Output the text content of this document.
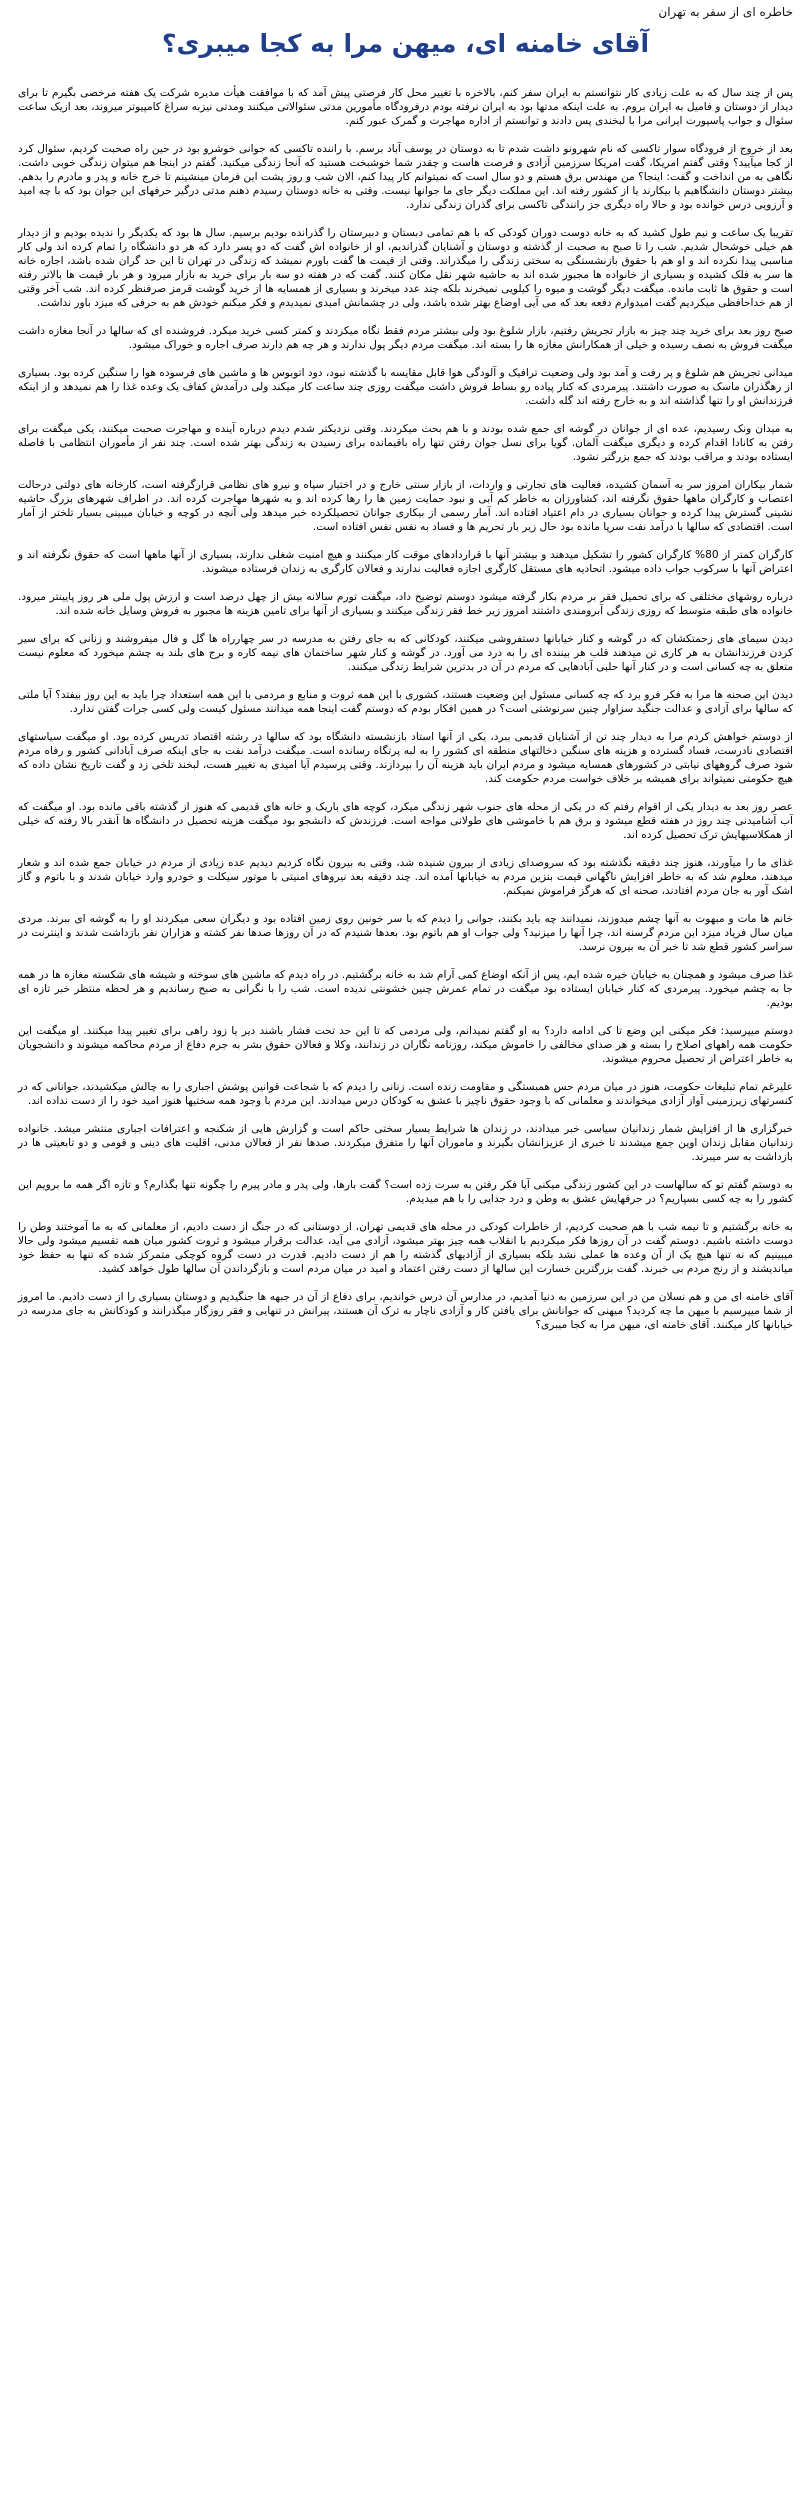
خاطره ای از سفر به تهران
آقای خامنه ای، میهن مرا به کجا میبری؟

پس از چند سال که به علت زیادی کار نتوانستم به ایران سفر کنم، بالاخره با تغییر محل کار فرصتی پیش آمد که با موافقت هیأت مدیره شرکت یک هفته مرخصی بگیرم تا برای دیدار از دوستان و فامیل به ایران بروم. به علت اینکه مدتها بود به ایران نرفته بودم درفرودگاه مأمورین مدتی سئوالاتی میکنند ومدتی نیزبه سراغ کامپیوتر میروند، بعد ازیک ساعت سئوال و جواب پاسپورت ایرانی مرا با لبخندی پس دادند و توانستم از اداره مهاجرت و گمرک عبور کنم.

بعد از خروج از فرودگاه سوار تاکسی که نام شهرونو داشت شدم تا به دوستان در یوسف آباد برسم. با راننده تاکسی که جوانی خوشرو بود در حین راه صحبت کردیم، سئوال کرد از کجا میآیید؟ وقتی گفتم امریکا، گفت امریکا سرزمین آزادی و فرصت هاست و چقدر شما خوشبخت هستید که آنجا زندگی میکنید. گفتم در اینجا هم میتوان زندگی خوبی داشت. نگاهی به من انداخت و گفت: اینجا؟ من مهندس برق هستم و دو سال است که نمیتوانم کار پیدا کنم، الان شب و روز پشت این فرمان مینشینم تا خرج خانه و پدر و مادرم را بدهم. بیشتر دوستان دانشگاهیم یا بیکارند یا از کشور رفته اند. این مملکت دیگر جای ما جوانها نیست. وقتی به خانه دوستان رسیدم ذهنم مدتی درگیر حرفهای این جوان بود که با چه امید و آرزویی درس خوانده بود و حالا راه دیگری جز رانندگی تاکسی برای گذران زندگی ندارد.

تقریبا یک ساعت و نیم طول کشید که به خانه دوست دوران کودکی که با هم تمامی دبستان و دبیرستان را گذرانده بودیم برسیم. سال ها بود که یکدیگر را ندیده بودیم و از دیدار هم خیلی خوشحال شدیم. شب را تا صبح به صحبت از گذشته و دوستان و آشنایان گذراندیم، او از خانواده اش گفت که دو پسر دارد که هر دو دانشگاه را تمام کرده اند ولی کار مناسبی پیدا نکرده اند و او هم با حقوق بازنشستگی به سختی زندگی را میگذراند. وقتی از قیمت ها گفت باورم نمیشد که زندگی در تهران تا این حد گران شده باشد، اجاره خانه ها سر به فلک کشیده و بسیاری از خانواده ها مجبور شده اند به حاشیه شهر نقل مکان کنند. گفت که در هفته دو سه بار برای خرید به بازار میرود و هر بار قیمت ها بالاتر رفته است و حقوق ها ثابت مانده. میگفت دیگر گوشت و میوه را کیلویی نمیخرند بلکه چند عدد میخرند و بسیاری از همسایه ها از خرید گوشت قرمز صرفنظر کرده اند. شب آخر وقتی از هم خداحافظی میکردیم گفت امیدوارم دفعه بعد که می آیی اوضاع بهتر شده باشد، ولی در چشمانش امیدی نمیدیدم و فکر میکنم خودش هم به حرفی که میزد باور نداشت.

صبح روز بعد برای خرید چند چیز به بازار تجریش رفتیم، بازار شلوغ بود ولی بیشتر مردم فقط نگاه میکردند و کمتر کسی خرید میکرد. فروشنده ای که سالها در آنجا مغازه داشت میگفت فروش به نصف رسیده و خیلی از همکارانش مغازه ها را بسته اند. میگفت مردم دیگر پول ندارند و هر چه هم دارند صرف اجاره و خوراک میشود.

میدانی تجریش هم شلوغ و پر رفت و آمد بود ولی وضعیت ترافیک و آلودگی هوا قابل مقایسه با گذشته نبود، دود اتوبوس ها و ماشین های فرسوده هوا را سنگین کرده بود. بسیاری از رهگذران ماسک به صورت داشتند. پیرمردی که کنار پیاده رو بساط فروش داشت میگفت روزی چند ساعت کار میکند ولی درآمدش کفاف یک وعده غذا را هم نمیدهد و از اینکه فرزندانش او را تنها گذاشته اند و به خارج رفته اند گله داشت.

به میدان ونک رسیدیم، عده ای از جوانان در گوشه ای جمع شده بودند و با هم بحث میکردند. وقتی نزدیکتر شدم دیدم درباره آینده و مهاجرت صحبت میکنند، یکی میگفت برای رفتن به کانادا اقدام کرده و دیگری میگفت آلمان. گویا برای نسل جوان رفتن تنها راه باقیمانده برای رسیدن به زندگی بهتر شده است. چند نفر از مأموران انتظامی با فاصله ایستاده بودند و مراقب بودند که جمع بزرگتر نشود.

شمار بیکاران امروز سر به آسمان کشیده، فعالیت های تجارتی و واردات، از بازار سنتی خارج و در اختیار سپاه و نیرو های نظامی قرارگرفته است، کارخانه های دولتی درحالت اعتصاب و کارگران ماهها حقوق نگرفته اند، کشاورزان به خاطر کم آبی و نبود حمایت زمین ها را رها کرده اند و به شهرها مهاجرت کرده اند. در اطراف شهرهای بزرگ حاشیه نشینی گسترش پیدا کرده و جوانان بسیاری در دام اعتیاد افتاده اند. آمار رسمی از بیکاری جوانان تحصیلکرده خبر میدهد ولی آنچه در کوچه و خیابان میبینی بسیار تلختر از آمار است. اقتصادی که سالها با درآمد نفت سرپا مانده بود حال زیر بار تحریم ها و فساد به نفس نفس افتاده است.

کارگران کمتر از 80% کارگران کشور را تشکیل میدهند و بیشتر آنها با قراردادهای موقت کار میکنند و هیچ امنیت شغلی ندارند، بسیاری از آنها ماهها است که حقوق نگرفته اند و اعتراض آنها با سرکوب جواب داده میشود. اتحادیه های مستقل کارگری اجازه فعالیت ندارند و فعالان کارگری به زندان فرستاده میشوند.

درباره روشهای مختلفی که برای تحمیل فقر بر مردم بکار گرفته میشود دوستم توضیح داد، میگفت تورم سالانه بیش از چهل درصد است و ارزش پول ملی هر روز پایینتر میرود. خانواده های طبقه متوسط که روزی زندگی آبرومندی داشتند امروز زیر خط فقر زندگی میکنند و بسیاری از آنها برای تامین هزینه ها مجبور به فروش وسایل خانه شده اند.

دیدن سیمای های زحمتکشان که در گوشه و کنار خیابانها دستفروشی میکنند، کودکانی که به جای رفتن به مدرسه در سر چهارراه ها گل و فال میفروشند و زنانی که برای سیر کردن فرزندانشان به هر کاری تن میدهند قلب هر بیننده ای را به درد می آورد. در گوشه و کنار شهر ساختمان های نیمه کاره و برج های بلند به چشم میخورد که معلوم نیست متعلق به چه کسانی است و در کنار آنها حلبی آبادهایی که مردم در آن در بدترین شرایط زندگی میکنند.

دیدن این صحنه ها مرا به فکر فرو برد که چه کسانی مسئول این وضعیت هستند، کشوری با این همه ثروت و منابع و مردمی با این همه استعداد چرا باید به این روز بیفتد؟ آیا ملتی که سالها برای آزادی و عدالت جنگید سزاوار چنین سرنوشتی است؟ در همین افکار بودم که دوستم گفت اینجا همه میدانند مسئول کیست ولی کسی جرات گفتن ندارد.

از دوستم خواهش کردم مرا به دیدار چند تن از آشنایان قدیمی ببرد، یکی از آنها استاد بازنشسته دانشگاه بود که سالها در رشته اقتصاد تدریس کرده بود. او میگفت سیاستهای اقتصادی نادرست، فساد گسترده و هزینه های سنگین دخالتهای منطقه ای کشور را به لبه پرتگاه رسانده است. میگفت درآمد نفت به جای اینکه صرف آبادانی کشور و رفاه مردم شود صرف گروههای نیابتی در کشورهای همسایه میشود و مردم ایران باید هزینه آن را بپردازند. وقتی پرسیدم آیا امیدی به تغییر هست، لبخند تلخی زد و گفت تاریخ نشان داده که هیچ حکومتی نمیتواند برای همیشه بر خلاف خواست مردم حکومت کند.

عصر روز بعد به دیدار یکی از اقوام رفتم که در یکی از محله های جنوب شهر زندگی میکرد، کوچه های باریک و خانه های قدیمی که هنوز از گذشته باقی مانده بود. او میگفت که آب آشامیدنی چند روز در هفته قطع میشود و برق هم با خاموشی های طولانی مواجه است. فرزندش که دانشجو بود میگفت هزینه تحصیل در دانشگاه ها آنقدر بالا رفته که خیلی از همکلاسیهایش ترک تحصیل کرده اند.

غذای ما را میآورند، هنوز چند دقیقه نگذشته بود که سروصدای زیادی از بیرون شنیده شد، وقتی به بیرون نگاه کردیم دیدیم عده زیادی از مردم در خیابان جمع شده اند و شعار میدهند، معلوم شد که به خاطر افزایش ناگهانی قیمت بنزین مردم به خیابانها آمده اند. چند دقیقه بعد نیروهای امنیتی با موتور سیکلت و خودرو وارد خیابان شدند و با باتوم و گاز اشک آور به جان مردم افتادند، صحنه ای که هرگز فراموش نمیکنم.

خانم ها مات و مبهوت به آنها چشم میدوزند، نمیدانند چه باید بکنند، جوانی را دیدم که با سر خونین روی زمین افتاده بود و دیگران سعی میکردند او را به گوشه ای ببرند. مردی میان سال فریاد میزد این مردم گرسنه اند، چرا آنها را میزنید؟ ولی جواب او هم باتوم بود. بعدها شنیدم که در آن روزها صدها نفر کشته و هزاران نفر بازداشت شدند و اینترنت در سراسر کشور قطع شد تا خبر آن به بیرون نرسد.

غذا صرف میشود و همچنان به خیابان خیره شده ایم، پس از آنکه اوضاع کمی آرام شد به خانه برگشتیم. در راه دیدم که ماشین های سوخته و شیشه های شکسته مغازه ها در همه جا به چشم میخورد. پیرمردی که کنار خیابان ایستاده بود میگفت در تمام عمرش چنین خشونتی ندیده است. شب را با نگرانی به صبح رساندیم و هر لحظه منتظر خبر تازه ای بودیم.

دوستم میپرسید: فکر میکنی این وضع تا کی ادامه دارد؟ به او گفتم نمیدانم، ولی مردمی که تا این حد تحت فشار باشند دیر یا زود راهی برای تغییر پیدا میکنند. او میگفت این حکومت همه راههای اصلاح را بسته و هر صدای مخالفی را خاموش میکند، روزنامه نگاران در زندانند، وکلا و فعالان حقوق بشر به جرم دفاع از مردم محاکمه میشوند و دانشجویان به خاطر اعتراض از تحصیل محروم میشوند.

علیرغم تمام تبلیغات حکومت، هنوز در میان مردم حس همبستگی و مقاومت زنده است. زنانی را دیدم که با شجاعت قوانین پوشش اجباری را به چالش میکشیدند، جوانانی که در کنسرتهای زیرزمینی آواز آزادی میخواندند و معلمانی که با وجود حقوق ناچیز با عشق به کودکان درس میدادند. این مردم با وجود همه سختیها هنوز امید خود را از دست نداده اند.

خبرگزاری ها از افزایش شمار زندانیان سیاسی خبر میدادند، در زندان ها شرایط بسیار سختی حاکم است و گزارش هایی از شکنجه و اعترافات اجباری منتشر میشد. خانواده زندانیان مقابل زندان اوین جمع میشدند تا خبری از عزیزانشان بگیرند و ماموران آنها را متفرق میکردند. صدها نفر از فعالان مدنی، اقلیت های دینی و قومی و دو تابعیتی ها در بازداشت به سر میبرند.

به دوستم گفتم تو که سالهاست در این کشور زندگی میکنی آیا فکر رفتن به سرت زده است؟ گفت بارها، ولی پدر و مادر پیرم را چگونه تنها بگذارم؟ و تازه اگر همه ما برویم این کشور را به چه کسی بسپاریم؟ در حرفهایش عشق به وطن و درد جدایی را با هم میدیدم.

به خانه برگشتیم و تا نیمه شب با هم صحبت کردیم، از خاطرات کودکی در محله های قدیمی تهران، از دوستانی که در جنگ از دست دادیم، از معلمانی که به ما آموختند وطن را دوست داشته باشیم. دوستم گفت در آن روزها فکر میکردیم با انقلاب همه چیز بهتر میشود، آزادی می آید، عدالت برقرار میشود و ثروت کشور میان همه تقسیم میشود ولی حالا میبینیم که نه تنها هیچ یک از آن وعده ها عملی نشد بلکه بسیاری از آزادیهای گذشته را هم از دست دادیم. قدرت در دست گروه کوچکی متمرکز شده که تنها به حفظ خود میاندیشند و از رنج مردم بی خبرند. گفت بزرگترین خسارت این سالها از دست رفتن اعتماد و امید در میان مردم است و بازگرداندن آن سالها طول خواهد کشید.

آقای خامنه ای من و هم نسلان من در این سرزمین به دنیا آمدیم، در مدارس آن درس خواندیم، برای دفاع از آن در جبهه ها جنگیدیم و دوستان بسیاری را از دست دادیم. ما امروز از شما میپرسیم با میهن ما چه کردید؟ میهنی که جوانانش برای یافتن کار و آزادی ناچار به ترک آن هستند، پیرانش در تنهایی و فقر روزگار میگذرانند و کودکانش به جای مدرسه در خیابانها کار میکنند. آقای خامنه ای، میهن مرا به کجا میبری؟
